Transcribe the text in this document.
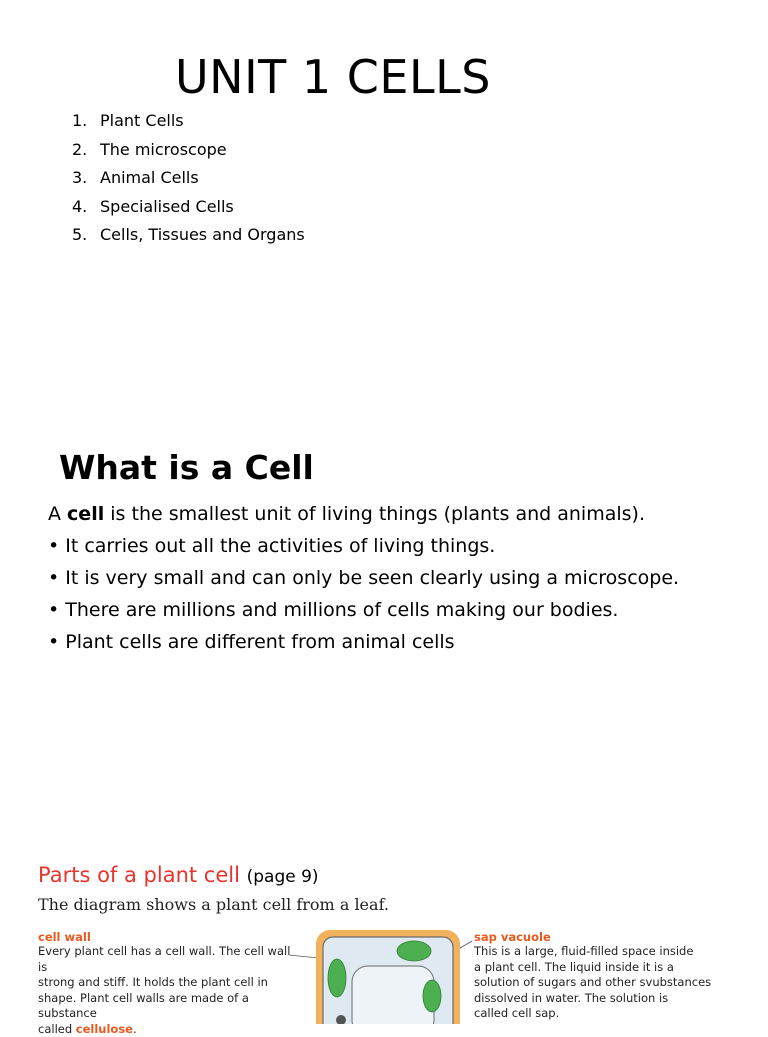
UNIT 1 CELLS
1. Plant Cells
2. The microscope
3. Animal Cells
4. Specialised Cells
5. Cells, Tissues and Organs
What is a Cell
A cell is the smallest unit of living things (plants and animals).
• It carries out all the activities of living things.
• It is very small and can only be seen clearly using a microscope.
• There are millions and millions of cells making our bodies.
• Plant cells are different from animal cells
Parts of a plant cell (page 9)
The diagram shows a plant cell from a leaf.
cell wall
Every plant cell has a cell wall. The cell wall is
strong and stiff. It holds the plant cell in
shape. Plant cell walls are made of a substance
called cellulose.
sap vacuole
This is a large, fluid-filled space inside
a plant cell. The liquid inside it is a
solution of sugars and other svubstances
dissolved in water. The solution is
called cell sap.
